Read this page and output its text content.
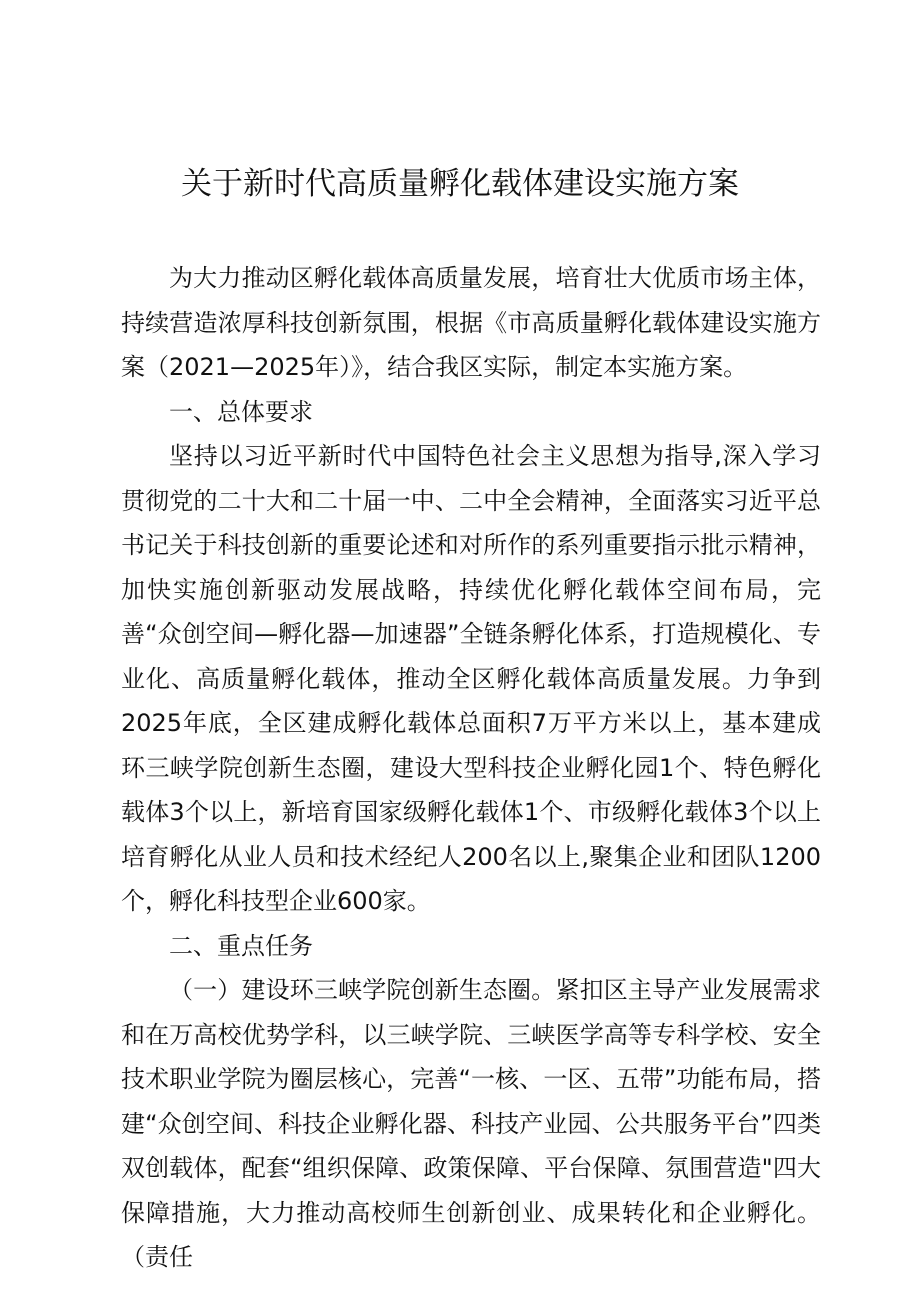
关于新时代高质量孵化载体建设实施方案

为大力推动区孵化载体高质量发展，培育壮大优质市场主体，持续营造浓厚科技创新氛围，根据《市高质量孵化载体建设实施方案（2021—2025年）》，结合我区实际，制定本实施方案。

一、总体要求

坚持以习近平新时代中国特色社会主义思想为指导,深入学习贯彻党的二十大和二十届一中、二中全会精神，全面落实习近平总书记关于科技创新的重要论述和对所作的系列重要指示批示精神，加快实施创新驱动发展战略，持续优化孵化载体空间布局，完善“众创空间—孵化器—加速器”全链条孵化体系，打造规模化、专业化、高质量孵化载体，推动全区孵化载体高质量发展。力争到2025年底，全区建成孵化载体总面积7万平方米以上，基本建成环三峡学院创新生态圈，建设大型科技企业孵化园1个、特色孵化载体3个以上，新培育国家级孵化载体1个、市级孵化载体3个以上培育孵化从业人员和技术经纪人200名以上,聚集企业和团队1200个，孵化科技型企业600家。

二、重点任务

（一）建设环三峡学院创新生态圈。紧扣区主导产业发展需求和在万高校优势学科，以三峡学院、三峡医学高等专科学校、安全技术职业学院为圈层核心，完善“一核、一区、五带”功能布局，搭建“众创空间、科技企业孵化器、科技产业园、公共服务平台”四类双创载体，配套“组织保障、政策保障、平台保障、氛围营造"四大保障措施，大力推动高校师生创新创业、成果转化和企业孵化。（责任
